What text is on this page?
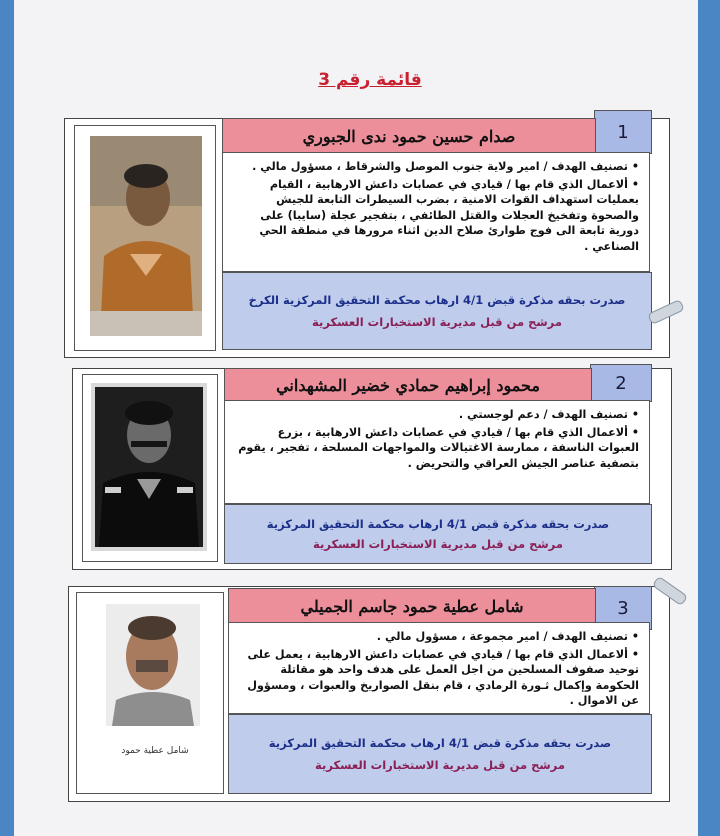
قائمة رقم 3
1
صدام حسين حمود ندى الجبوري

• تصنيف الهدف / امير ولاية جنوب الموصل والشرقاط ، مسؤول مالي .

• ألاعمال الذي قام بها / قيادي في عصابات داعش الارهابية ، القيام بعمليات استهداف القوات الامنية ، بضرب السيطرات التابعة للجيش والصحوة وتفخيخ العجلات والقتل الطائفي ، بتفجير عجلة (سايبا) على دورية تابعة الى فوج طوارئ صلاح الدين اثناء مرورها في منطقة الحي الصناعي .

صدرت بحقه مذكرة قبض 4/1 ارهاب محكمة التحقيق المركزية الكرخ
مرشح من قبل مديرية الاستخبارات العسكرية
2
محمود إبراهيم حمادي خضير المشهداني

• تصنيف الهدف / دعم لوجستي .

• ألاعمال الذي قام بها / قيادي في عصابات داعش الارهابية ، بزرع العبوات الناسفة ، ممارسة الاغتيالات والمواجهات المسلحة ، تفجير ، يقوم بتصفية عناصر الجيش العراقي والتحريض .

صدرت بحقه مذكرة قبض 4/1 ارهاب محكمة التحقيق المركزية
مرشح من قبل مديرية الاستخبارات العسكرية
شامل عطية حمود
3
شامل عطية حمود جاسم الجميلي

• تصنيف الهدف / امير مجموعة ، مسؤول مالي .

• ألاعمال الذي قام بها / قيادي في عصابات داعش الارهابية ، يعمل على توحيد صفوف المسلحين من اجل العمل على هدف واحد هو مقاتلة الحكومة وإكمال ثـورة الرمادي ، قام بنقل الصواريخ والعبوات ، ومسؤول عن الاموال .

صدرت بحقه مذكرة قبض 4/1 ارهاب محكمة التحقيق المركزية
مرشح من قبل مديرية الاستخبارات العسكرية
